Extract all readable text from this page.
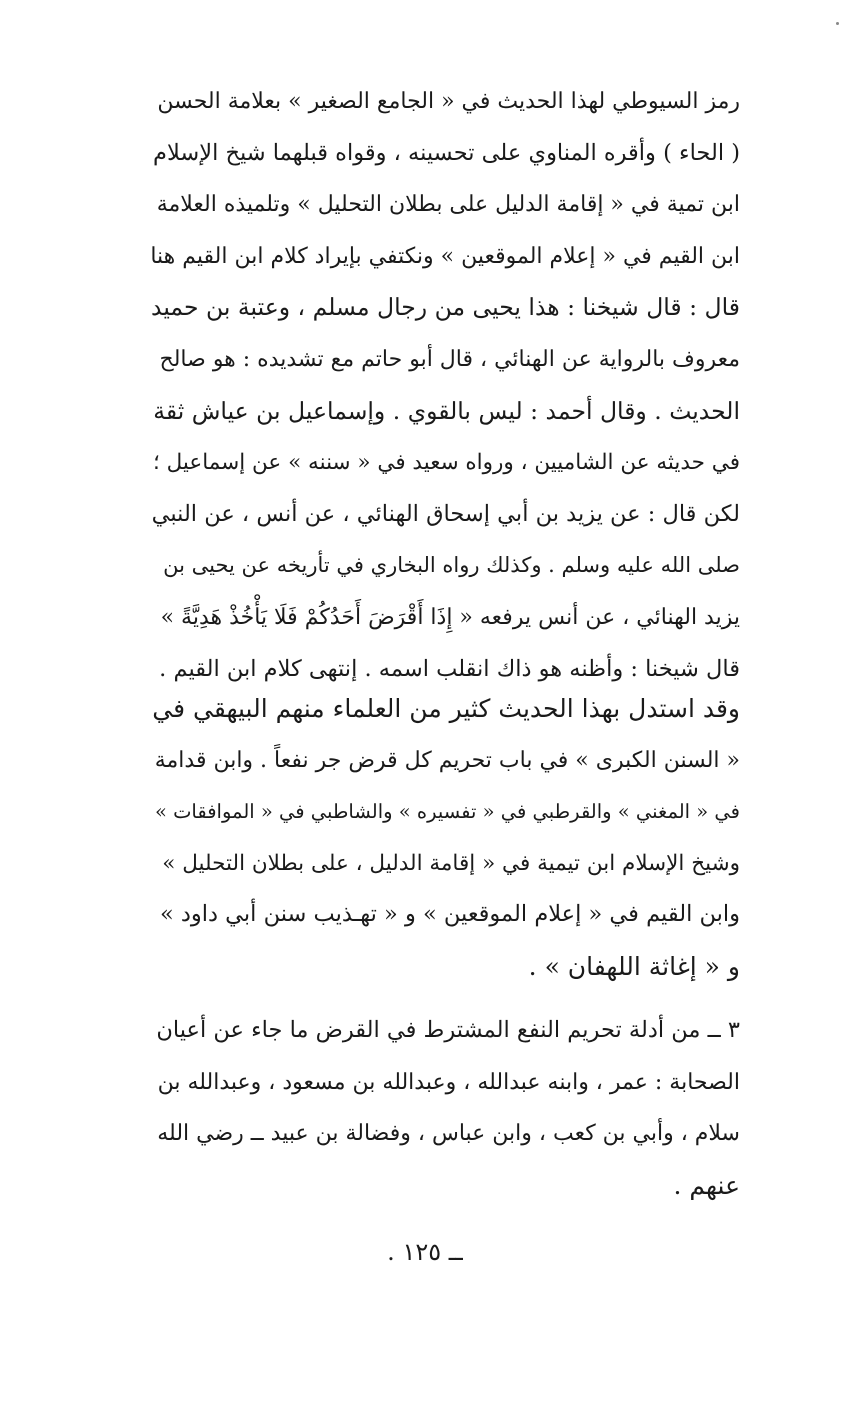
رمز السيوطي لهذا الحديث في « الجامع الصغير » بعلامة الحسن
( الحاء ) وأقره المناوي على تحسينه ، وقواه قبلهما شيخ الإسلام
ابن تمية في « إقامة الدليل على بطلان التحليل » وتلميذه العلامة
ابن القيم في « إعلام الموقعين » ونكتفي بإيراد كلام ابن القيم هنا
قال : قال شيخنا : هذا يحيى من رجال مسلم ، وعتبة بن حميد
معروف بالرواية عن الهنائي ، قال أبو حاتم مع تشديده : هو صالح
الحديث . وقال أحمد : ليس بالقوي . وإسماعيل بن عياش ثقة
في حديثه عن الشاميين ، ورواه سعيد في « سننه » عن إسماعيل ؛
لكن قال : عن يزيد بن أبي إسحاق الهنائي ، عن أنس ، عن النبي
صلى الله عليه وسلم . وكذلك رواه البخاري في تأريخه عن يحيى بن
يزيد الهنائي ، عن أنس يرفعه « إِذَا أَقْرَضَ أَحَدُكُمْ فَلَا يَأْخُذْ هَدِيَّةً »
قال شيخنا : وأظنه هو ذاك انقلب اسمه . إنتهى كلام ابن القيم .
وقد استدل بهذا الحديث كثير من العلماء منهم البيهقي في
« السنن الكبرى » في باب تحريم كل قرض جر نفعاً . وابن قدامة
في « المغني » والقرطبي في « تفسيره » والشاطبي في « الموافقات »
وشيخ الإسلام ابن تيمية في « إقامة الدليل ، على بطلان التحليل »
وابن القيم في « إعلام الموقعين » و « تهـذيب سنن أبي داود »
و « إغاثة اللهفان » .
٣ ــ من أدلة تحريم النفع المشترط في القرض ما جاء عن أعيان
الصحابة : عمر ، وابنه عبدالله ، وعبدالله بن مسعود ، وعبدالله بن
سلام ، وأبي بن كعب ، وابن عباس ، وفضالة بن عبيد ــ رضي الله
عنهم .
ــ ١٢٥ .
